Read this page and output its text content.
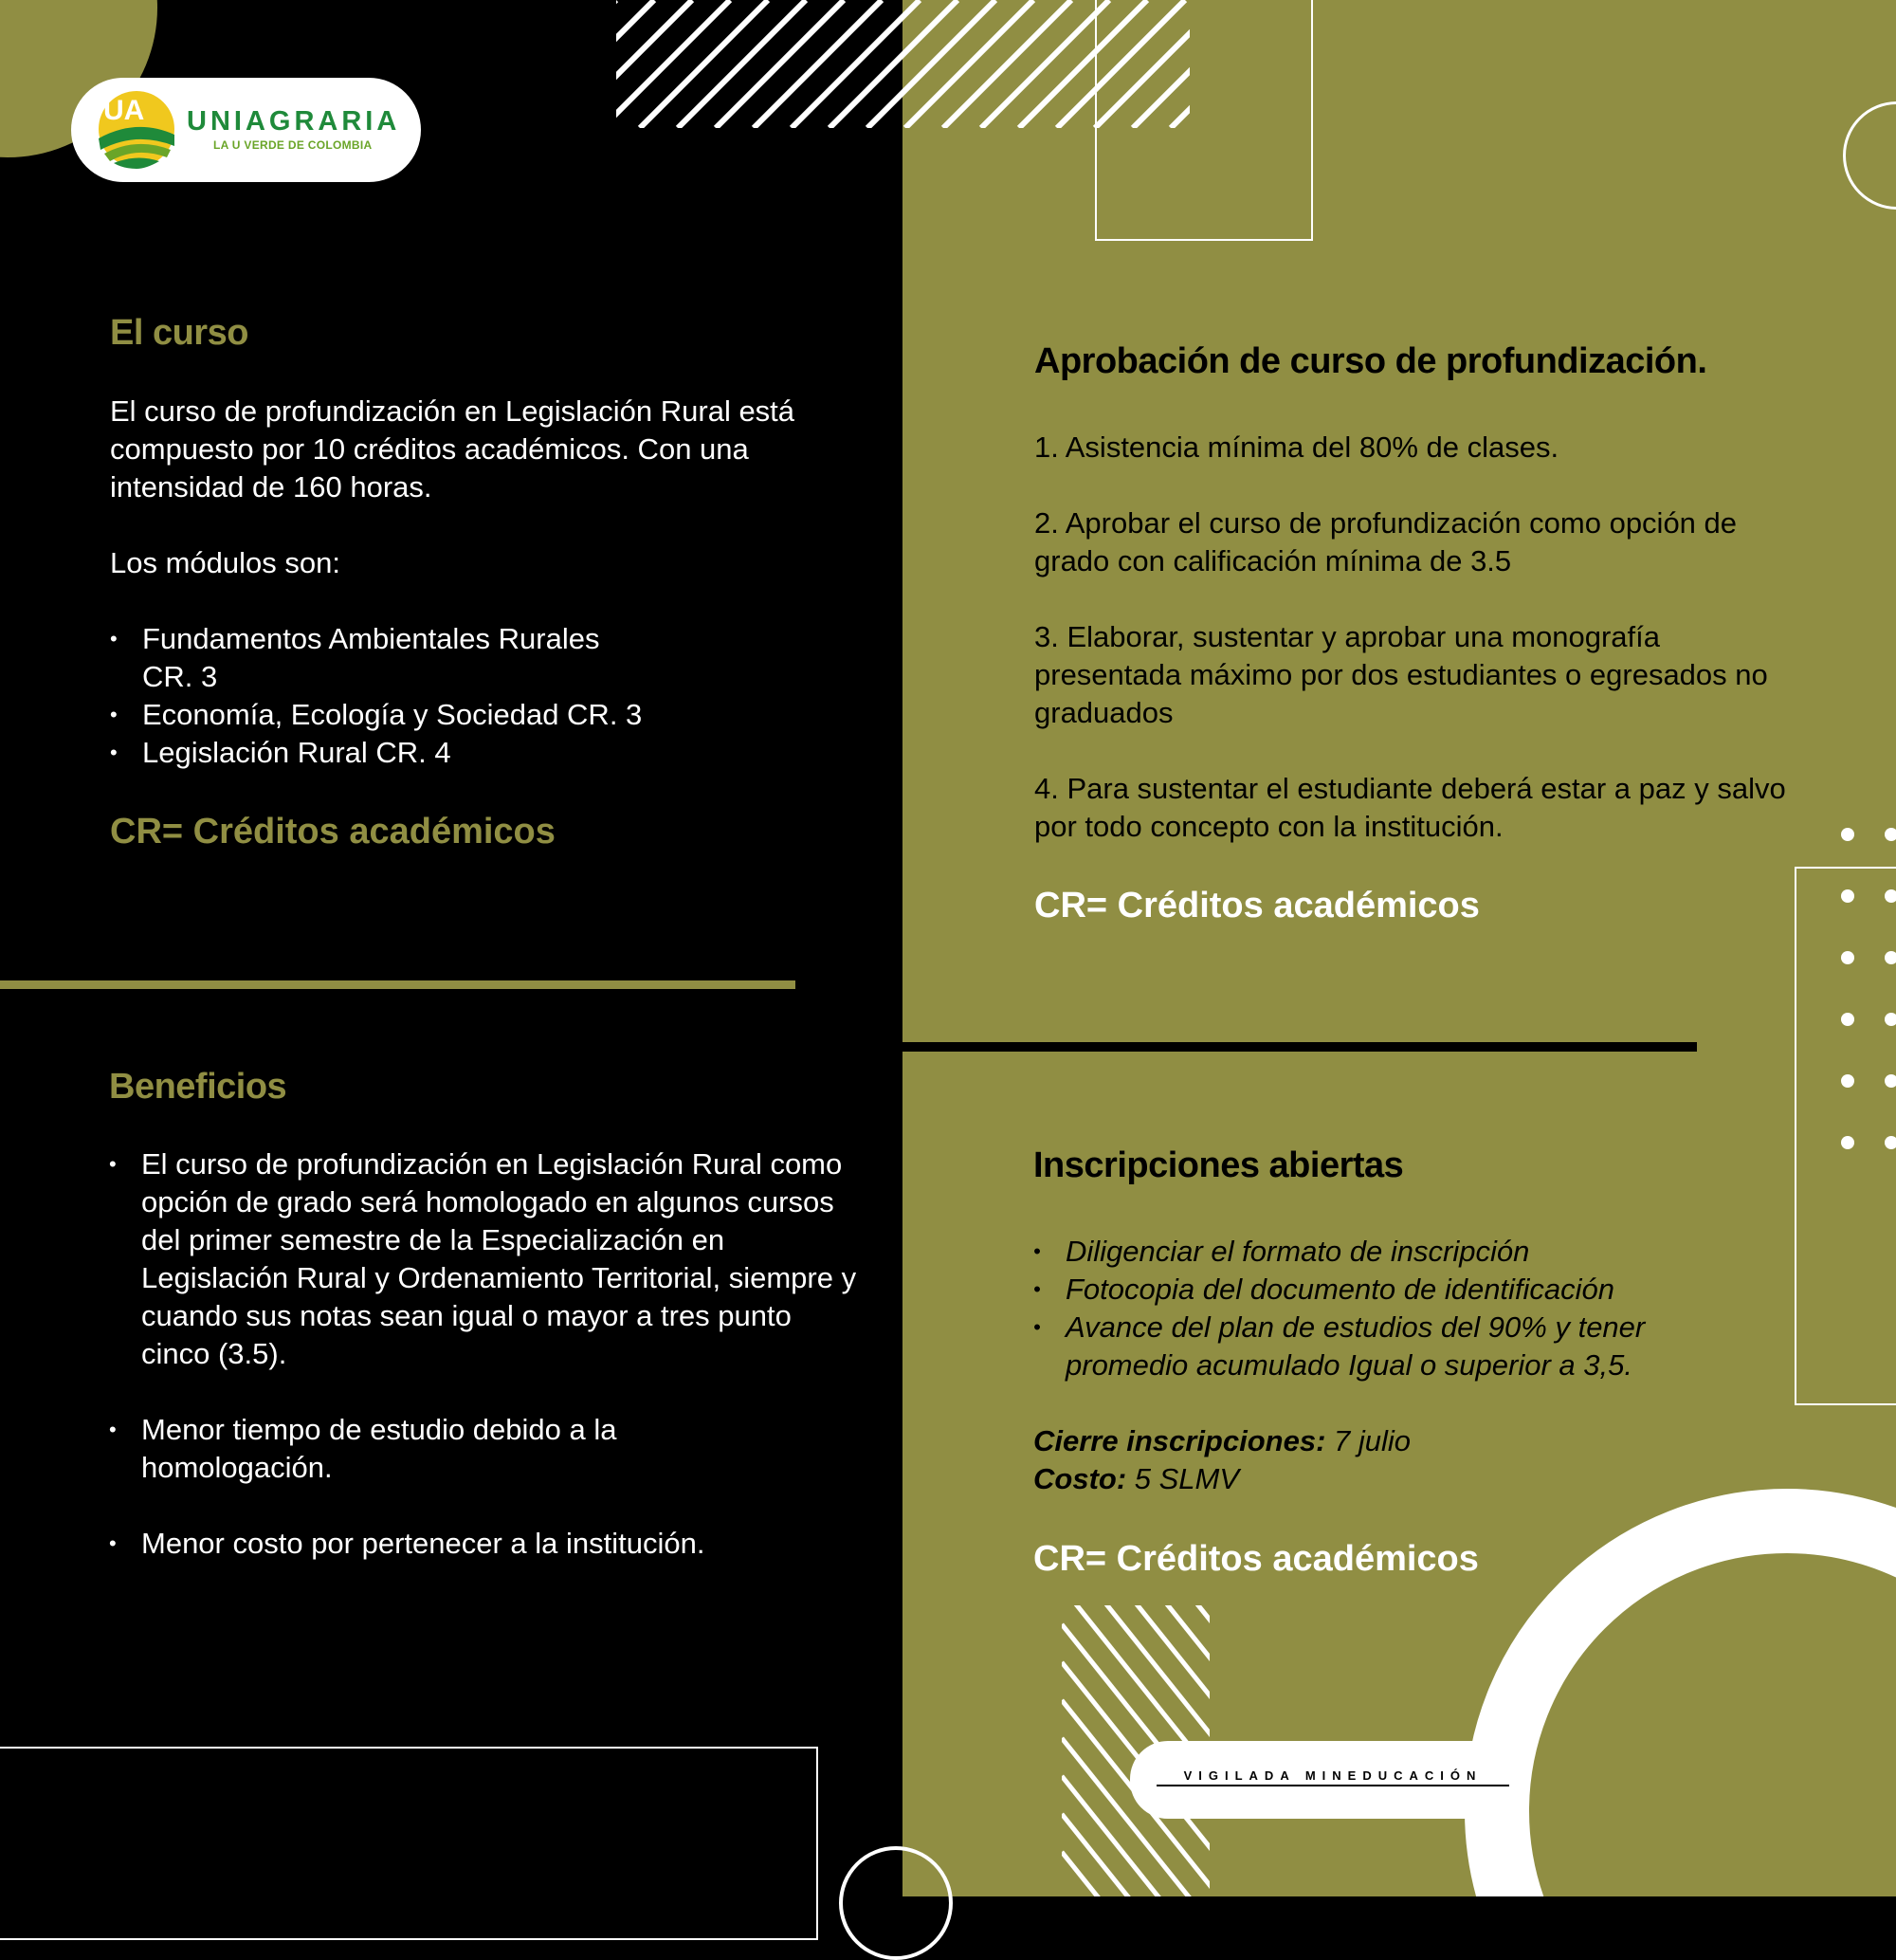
UA UNIAGRARIA
LA U VERDE DE COLOMBIA
El curso
El curso de profundización en Legislación Rural está compuesto por 10 créditos académicos. Con una intensidad de 160 horas.
Los módulos son:
• Fundamentos Ambientales Rurales CR. 3
• Economía, Ecología y Sociedad CR. 3
• Legislación Rural CR. 4
CR= Créditos académicos
Beneficios
• El curso de profundización en Legislación Rural como opción de grado será homologado en algunos cursos del primer semestre de la Especialización en Legislación Rural y Ordenamiento Territorial, siempre y cuando sus notas sean igual o mayor a tres punto cinco (3.5).
• Menor tiempo de estudio debido a la homologación.
• Menor costo por pertenecer a la institución.
Aprobación de curso de profundización.
1. Asistencia mínima del 80% de clases.
2. Aprobar el curso de profundización como opción de grado con calificación mínima de 3.5
3. Elaborar, sustentar y aprobar una monografía presentada máximo por dos estudiantes o egresados no graduados
4. Para sustentar el estudiante deberá estar a paz y salvo por todo concepto con la institución.
CR= Créditos académicos
Inscripciones abiertas
• Diligenciar el formato de inscripción
• Fotocopia del documento de identificación
• Avance del plan de estudios del 90% y tener promedio acumulado Igual o superior a 3,5.
Cierre inscripciones: 7 julio
Costo: 5 SLMV
CR= Créditos académicos
VIGILADA MINEDUCACIÓN
